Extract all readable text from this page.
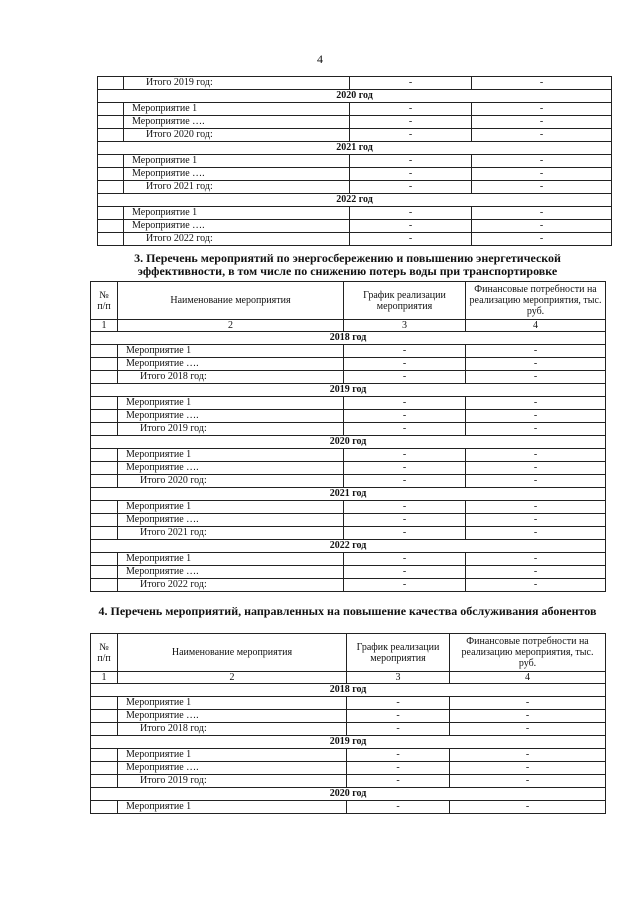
4
	Итого 2019 год:	-	-
2020 год			
	Мероприятие 1	-	-
	Мероприятие ….	-	-
	Итого 2020 год:	-	-
2021 год			
	Мероприятие 1	-	-
	Мероприятие ….	-	-
	Итого 2021 год:	-	-
2022 год			
	Мероприятие 1	-	-
	Мероприятие ….	-	-
	Итого 2022 год:	-	-
3. Перечень мероприятий по энергосбережению и повышению энергетической эффективности, в том числе по снижению потерь воды при транспортировке
№ п/п	Наименование мероприятия	График реализации мероприятия	Финансовые потребности на реализацию мероприятия, тыс. руб.
1	2	3	4
2018 год			
	Мероприятие 1	-	-
	Мероприятие ….	-	-
	Итого 2018 год:	-	-
2019 год			
	Мероприятие 1	-	-
	Мероприятие ….	-	-
	Итого 2019 год:	-	-
2020 год			
	Мероприятие 1	-	-
	Мероприятие ….	-	-
	Итого 2020 год:	-	-
2021 год			
	Мероприятие 1	-	-
	Мероприятие ….	-	-
	Итого 2021 год:	-	-
2022 год			
	Мероприятие 1	-	-
	Мероприятие ….	-	-
	Итого 2022 год:	-	-
4. Перечень мероприятий, направленных на повышение качества обслуживания абонентов
№ п/п	Наименование мероприятия	График реализации мероприятия	Финансовые потребности на реализацию мероприятия, тыс. руб.
1	2	3	4
2018 год			
	Мероприятие 1	-	-
	Мероприятие ….	-	-
	Итого 2018 год:	-	-
2019 год			
	Мероприятие 1	-	-
	Мероприятие ….	-	-
	Итого 2019 год:	-	-
2020 год			
	Мероприятие 1	-	-
